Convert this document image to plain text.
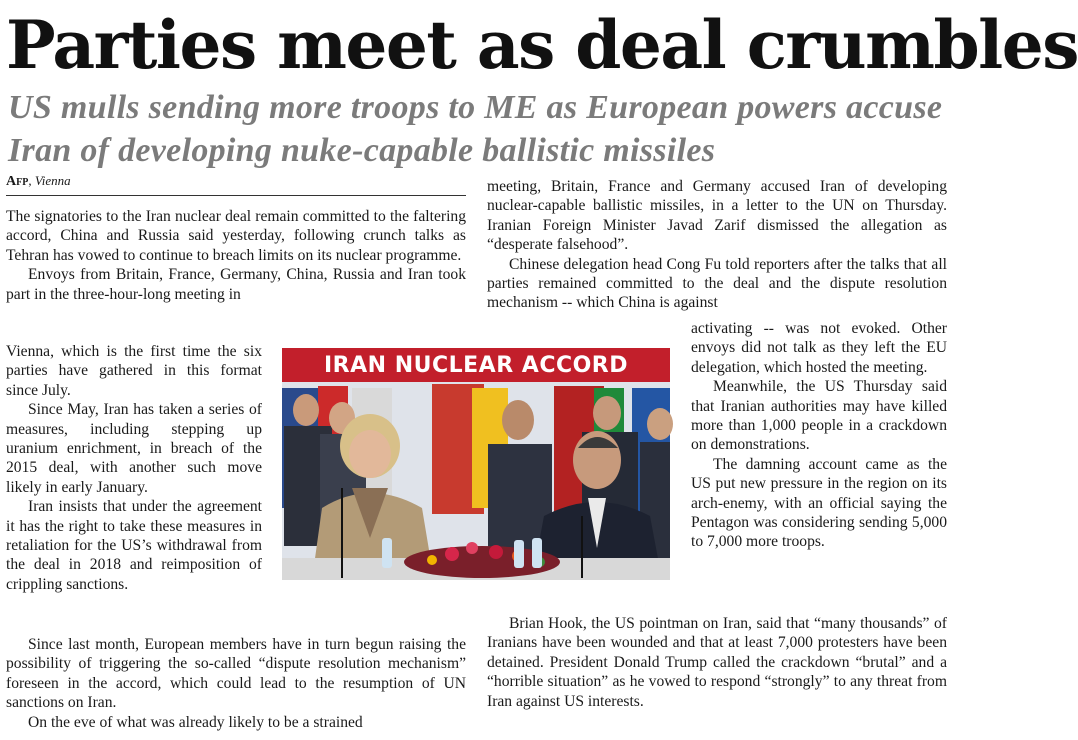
Parties meet as deal crumbles
US mulls sending more troops to ME as European powers accuse Iran of developing nuke-capable ballistic missiles
Afp, Vienna

The signatories to the Iran nuclear deal remain committed to the faltering accord, China and Russia said yesterday, following crunch talks as Tehran has vowed to continue to breach limits on its nuclear programme.

Envoys from Britain, France, Germany, China, Russia and Iran took part in the three-hour-long meeting in

Vienna, which is the first time the six parties have gathered in this format since July.

Since May, Iran has taken a series of measures, including stepping up uranium enrichment, in breach of the 2015 deal, with another such move likely in early January.

Iran insists that under the agreement it has the right to take these measures in retaliation for the US’s withdrawal from the deal in 2018 and reimposition of crippling sanctions.

Since last month, European members have in turn begun raising the possibility of triggering the so-called “dispute resolution mechanism” foreseen in the accord, which could lead to the resumption of UN sanctions on Iran.

On the eve of what was already likely to be a strained

IRAN NUCLEAR ACCORD

meeting, Britain, France and Germany accused Iran of developing nuclear-capable ballistic missiles, in a letter to the UN on Thursday. Iranian Foreign Minister Javad Zarif dismissed the allegation as “desperate falsehood”.

Chinese delegation head Cong Fu told reporters after the talks that all parties remained committed to the deal and the dispute resolution mechanism -- which China is against

activating -- was not evoked. Other envoys did not talk as they left the EU delegation, which hosted the meeting.

Meanwhile, the US Thursday said that Iranian authorities may have killed more than 1,000 people in a crackdown on demonstrations.

The damning account came as the US put new pressure in the region on its arch-enemy, with an official saying the Pentagon was considering sending 5,000 to 7,000 more troops.

Brian Hook, the US pointman on Iran, said that “many thousands” of Iranians have been wounded and that at least 7,000 protesters have been detained. President Donald Trump called the crackdown “brutal” and a “horrible situation” as he vowed to respond “strongly” to any threat from Iran against US interests.
